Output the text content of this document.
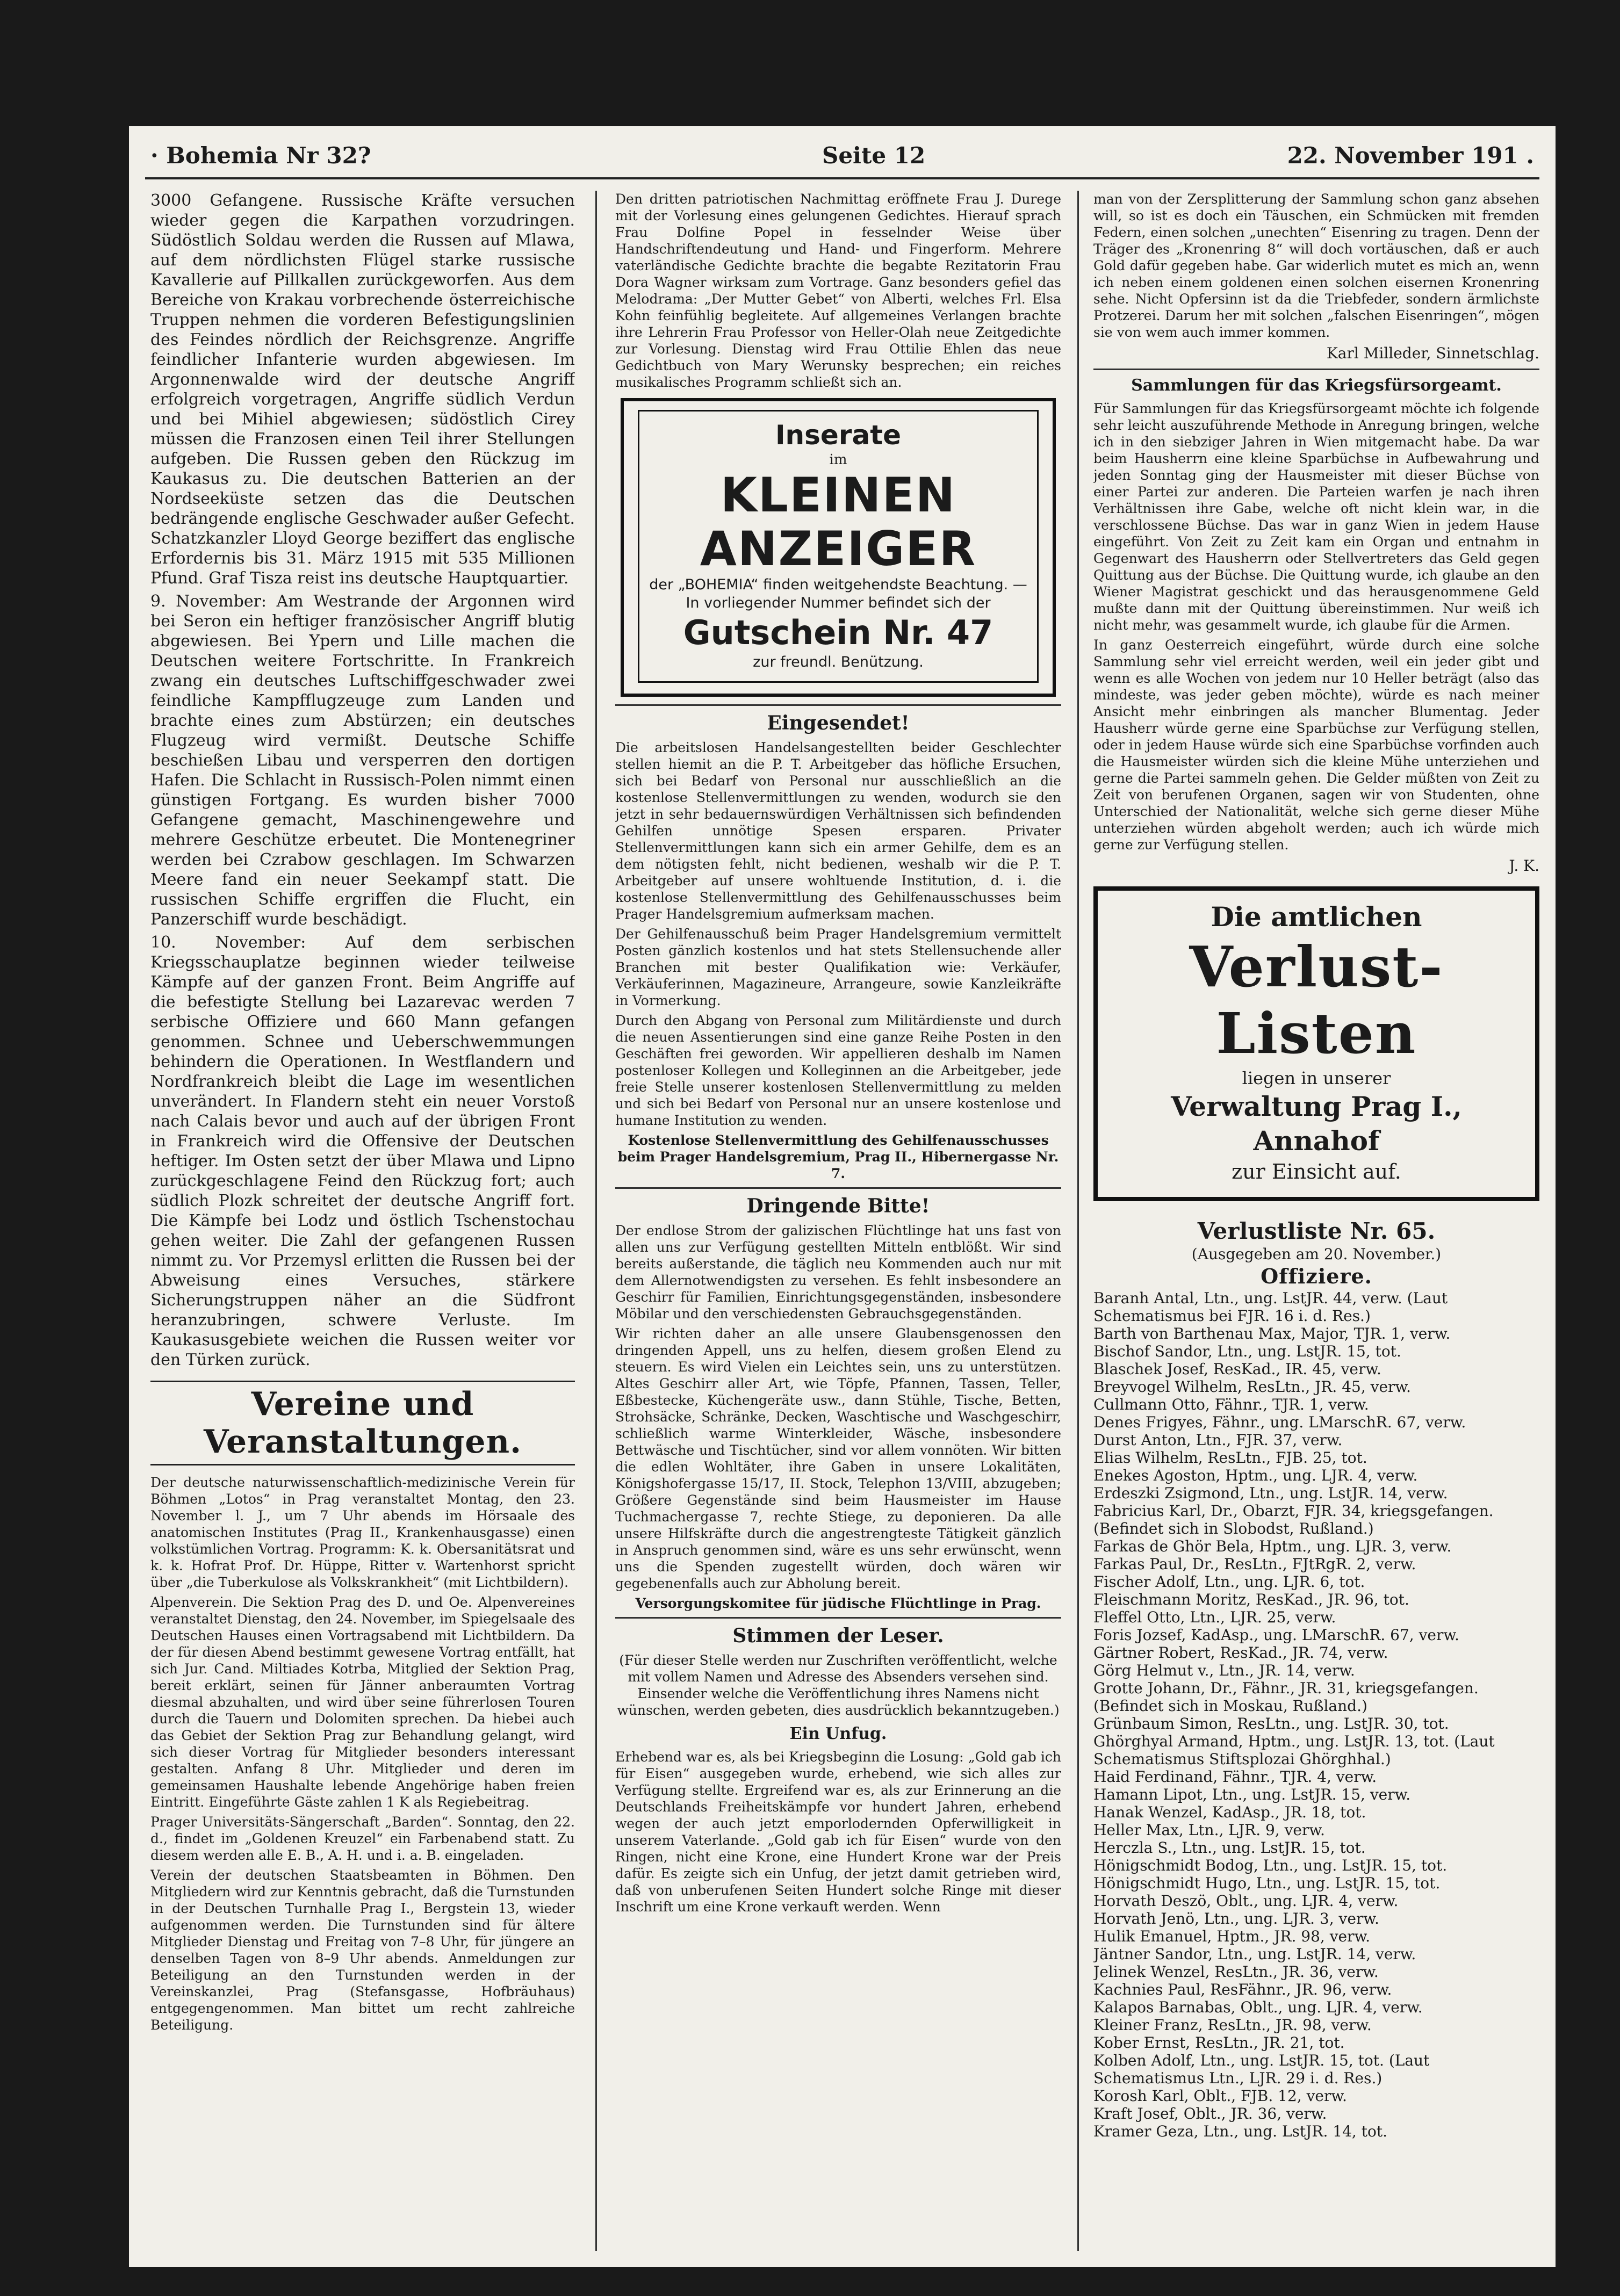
· Bohemia Nr 32?	Seite 12	22. November 191 .

3000 Gefangene. Russische Kräfte versuchen wieder gegen die Karpathen vorzudringen. Südöstlich Soldau werden die Russen auf Mlawa, auf dem nördlichsten Flügel starke russische Kavallerie auf Pillkallen zurückgeworfen. Aus dem Bereiche von Krakau vorbrechende österreichische Truppen nehmen die vorderen Befestigungslinien des Feindes nördlich der Reichsgrenze. Angriffe feindlicher Infanterie wurden abgewiesen. Im Argonnenwalde wird der deutsche Angriff erfolgreich vorgetragen, Angriffe südlich Verdun und bei Mihiel abgewiesen; südöstlich Cirey müssen die Franzosen einen Teil ihrer Stellungen aufgeben. Die Russen geben den Rückzug im Kaukasus zu. Die deutschen Batterien an der Nordseeküste setzen das die Deutschen bedrängende englische Geschwader außer Gefecht. Schatzkanzler Lloyd George beziffert das englische Erfordernis bis 31. März 1915 mit 535 Millionen Pfund. Graf Tisza reist ins deutsche Hauptquartier.

9. November: Am Westrande der Argonnen wird bei Seron ein heftiger französischer Angriff blutig abgewiesen. Bei Ypern und Lille machen die Deutschen weitere Fortschritte. In Frankreich zwang ein deutsches Luftschiffgeschwader zwei feindliche Kampfflugzeuge zum Landen und brachte eines zum Abstürzen; ein deutsches Flugzeug wird vermißt. Deutsche Schiffe beschießen Libau und versperren den dortigen Hafen. Die Schlacht in Russisch-Polen nimmt einen günstigen Fortgang. Es wurden bisher 7000 Gefangene gemacht, Maschinengewehre und mehrere Geschütze erbeutet. Die Montenegriner werden bei Czrabow geschlagen. Im Schwarzen Meere fand ein neuer Seekampf statt. Die russischen Schiffe ergriffen die Flucht, ein Panzerschiff wurde beschädigt.

10. November: Auf dem serbischen Kriegsschauplatze beginnen wieder teilweise Kämpfe auf der ganzen Front. Beim Angriffe auf die befestigte Stellung bei Lazarevac werden 7 serbische Offiziere und 660 Mann gefangen genommen. Schnee und Ueberschwemmungen behindern die Operationen. In Westflandern und Nordfrankreich bleibt die Lage im wesentlichen unverändert. In Flandern steht ein neuer Vorstoß nach Calais bevor und auch auf der übrigen Front in Frankreich wird die Offensive der Deutschen heftiger. Im Osten setzt der über Mlawa und Lipno zurückgeschlagene Feind den Rückzug fort; auch südlich Plozk schreitet der deutsche Angriff fort. Die Kämpfe bei Lodz und östlich Tschenstochau gehen weiter. Die Zahl der gefangenen Russen nimmt zu. Vor Przemysl erlitten die Russen bei der Abweisung eines Versuches, stärkere Sicherungstruppen näher an die Südfront heranzubringen, schwere Verluste. Im Kaukasusgebiete weichen die Russen weiter vor den Türken zurück.

Vereine und Veranstaltungen.

Der deutsche naturwissenschaftlich-medizinische Verein für Böhmen „Lotos“ in Prag veranstaltet Montag, den 23. November l. J., um 7 Uhr abends im Hörsaale des anatomischen Institutes (Prag II., Krankenhausgasse) einen volkstümlichen Vortrag. Programm: K. k. Obersanitätsrat und k. k. Hofrat Prof. Dr. Hüppe, Ritter v. Wartenhorst spricht über „die Tuberkulose als Volkskrankheit“ (mit Lichtbildern).

Alpenverein. Die Sektion Prag des D. und Oe. Alpenvereines veranstaltet Dienstag, den 24. November, im Spiegelsaale des Deutschen Hauses einen Vortragsabend mit Lichtbildern. Da der für diesen Abend bestimmt gewesene Vortrag entfällt, hat sich Jur. Cand. Miltiades Kotrba, Mitglied der Sektion Prag, bereit erklärt, seinen für Jänner anberaumten Vortrag diesmal abzuhalten, und wird über seine führerlosen Touren durch die Tauern und Dolomiten sprechen. Da hiebei auch das Gebiet der Sektion Prag zur Behandlung gelangt, wird sich dieser Vortrag für Mitglieder besonders interessant gestalten. Anfang 8 Uhr. Mitglieder und deren im gemeinsamen Haushalte lebende Angehörige haben freien Eintritt. Eingeführte Gäste zahlen 1 K als Regiebeitrag.

Prager Universitäts-Sängerschaft „Barden“. Sonntag, den 22. d., findet im „Goldenen Kreuzel“ ein Farbenabend statt. Zu diesem werden alle E. B., A. H. und i. a. B. eingeladen.

Verein der deutschen Staatsbeamten in Böhmen. Den Mitgliedern wird zur Kenntnis gebracht, daß die Turnstunden in der Deutschen Turnhalle Prag I., Bergstein 13, wieder aufgenommen werden. Die Turnstunden sind für ältere Mitglieder Dienstag und Freitag von 7–8 Uhr, für jüngere an denselben Tagen von 8–9 Uhr abends. Anmeldungen zur Beteiligung an den Turnstunden werden in der Vereinskanzlei, Prag (Stefansgasse, Hofbräuhaus) entgegengenommen. Man bittet um recht zahlreiche Beteiligung.

Den dritten patriotischen Nachmittag eröffnete Frau J. Durege mit der Vorlesung eines gelungenen Gedichtes. Hierauf sprach Frau Dolfine Popel in fesselnder Weise über Handschriftendeutung und Hand- und Fingerform. Mehrere vaterländische Gedichte brachte die begabte Rezitatorin Frau Dora Wagner wirksam zum Vortrage. Ganz besonders gefiel das Melodrama: „Der Mutter Gebet“ von Alberti, welches Frl. Elsa Kohn feinfühlig begleitete. Auf allgemeines Verlangen brachte ihre Lehrerin Frau Professor von Heller-Olah neue Zeitgedichte zur Vorlesung. Dienstag wird Frau Ottilie Ehlen das neue Gedichtbuch von Mary Werunsky besprechen; ein reiches musikalisches Programm schließt sich an.

Inserate
im
KLEINEN ANZEIGER
der „BOHEMIA“ finden weitgehendste Beachtung. — In vorliegender Nummer befindet sich der
Gutschein Nr. 47
zur freundl. Benützung.
Eingesendet!

Die arbeitslosen Handelsangestellten beider Geschlechter stellen hiemit an die P. T. Arbeitgeber das höfliche Ersuchen, sich bei Bedarf von Personal nur ausschließlich an die kostenlose Stellenvermittlungen zu wenden, wodurch sie den jetzt in sehr bedauernswürdigen Verhältnissen sich befindenden Gehilfen unnötige Spesen ersparen. Privater Stellenvermittlungen kann sich ein armer Gehilfe, dem es an dem nötigsten fehlt, nicht bedienen, weshalb wir die P. T. Arbeitgeber auf unsere wohltuende Institution, d. i. die kostenlose Stellenvermittlung des Gehilfenausschusses beim Prager Handelsgremium aufmerksam machen.

Der Gehilfenausschuß beim Prager Handelsgremium vermittelt Posten gänzlich kostenlos und hat stets Stellensuchende aller Branchen mit bester Qualifikation wie: Verkäufer, Verkäuferinnen, Magazineure, Arrangeure, sowie Kanzleikräfte in Vormerkung.

Durch den Abgang von Personal zum Militärdienste und durch die neuen Assentierungen sind eine ganze Reihe Posten in den Geschäften frei geworden. Wir appellieren deshalb im Namen postenloser Kollegen und Kolleginnen an die Arbeitgeber, jede freie Stelle unserer kostenlosen Stellenvermittlung zu melden und sich bei Bedarf von Personal nur an unsere kostenlose und humane Institution zu wenden.

Kostenlose Stellenvermittlung des Gehilfenausschusses beim Prager Handelsgremium, Prag II., Hibernergasse Nr. 7.

Dringende Bitte!

Der endlose Strom der galizischen Flüchtlinge hat uns fast von allen uns zur Verfügung gestellten Mitteln entblößt. Wir sind bereits außerstande, die täglich neu Kommenden auch nur mit dem Allernotwendigsten zu versehen. Es fehlt insbesondere an Geschirr für Familien, Einrichtungsgegenständen, insbesondere Möbilar und den verschiedensten Gebrauchsgegenständen.

Wir richten daher an alle unsere Glaubensgenossen den dringenden Appell, uns zu helfen, diesem großen Elend zu steuern. Es wird Vielen ein Leichtes sein, uns zu unterstützen. Altes Geschirr aller Art, wie Töpfe, Pfannen, Tassen, Teller, Eßbestecke, Küchengeräte usw., dann Stühle, Tische, Betten, Strohsäcke, Schränke, Decken, Waschtische und Waschgeschirr, schließlich warme Winterkleider, Wäsche, insbesondere Bettwäsche und Tischtücher, sind vor allem vonnöten. Wir bitten die edlen Wohltäter, ihre Gaben in unsere Lokalitäten, Königshofergasse 15/17, II. Stock, Telephon 13/VIII, abzugeben; Größere Gegenstände sind beim Hausmeister im Hause Tuchmachergasse 7, rechte Stiege, zu deponieren. Da alle unsere Hilfskräfte durch die angestrengteste Tätigkeit gänzlich in Anspruch genommen sind, wäre es uns sehr erwünscht, wenn uns die Spenden zugestellt würden, doch wären wir gegebenenfalls auch zur Abholung bereit.

Versorgungskomitee für jüdische Flüchtlinge in Prag.

Stimmen der Leser.

(Für dieser Stelle werden nur Zuschriften veröffentlicht, welche mit vollem Namen und Adresse des Absenders versehen sind. Einsender welche die Veröffentlichung ihres Namens nicht wünschen, werden gebeten, dies ausdrücklich bekanntzugeben.)

Ein Unfug.

Erhebend war es, als bei Kriegsbeginn die Losung: „Gold gab ich für Eisen“ ausgegeben wurde, erhebend, wie sich alles zur Verfügung stellte. Ergreifend war es, als zur Erinnerung an die Deutschlands Freiheitskämpfe vor hundert Jahren, erhebend wegen der auch jetzt emporlodernden Opferwilligkeit in unserem Vaterlande. „Gold gab ich für Eisen“ wurde von den Ringen, nicht eine Krone, eine Hundert Krone war der Preis dafür. Es zeigte sich ein Unfug, der jetzt damit getrieben wird, daß von unberufenen Seiten Hundert solche Ringe mit dieser Inschrift um eine Krone verkauft werden. Wenn

man von der Zersplitterung der Sammlung schon ganz absehen will, so ist es doch ein Täuschen, ein Schmücken mit fremden Federn, einen solchen „unechten“ Eisenring zu tragen. Denn der Träger des „Kronenring 8“ will doch vortäuschen, daß er auch Gold dafür gegeben habe. Gar widerlich mutet es mich an, wenn ich neben einem goldenen einen solchen eisernen Kronenring sehe. Nicht Opfersinn ist da die Triebfeder, sondern ärmlichste Protzerei. Darum her mit solchen „falschen Eisenringen“, mögen sie von wem auch immer kommen.

Karl Milleder, Sinnetschlag.
Sammlungen für das Kriegsfürsorgeamt.

Für Sammlungen für das Kriegsfürsorgeamt möchte ich folgende sehr leicht auszuführende Methode in Anregung bringen, welche ich in den siebziger Jahren in Wien mitgemacht habe. Da war beim Hausherrn eine kleine Sparbüchse in Aufbewahrung und jeden Sonntag ging der Hausmeister mit dieser Büchse von einer Partei zur anderen. Die Parteien warfen je nach ihren Verhältnissen ihre Gabe, welche oft nicht klein war, in die verschlossene Büchse. Das war in ganz Wien in jedem Hause eingeführt. Von Zeit zu Zeit kam ein Organ und entnahm in Gegenwart des Hausherrn oder Stellvertreters das Geld gegen Quittung aus der Büchse. Die Quittung wurde, ich glaube an den Wiener Magistrat geschickt und das herausgenommene Geld mußte dann mit der Quittung übereinstimmen. Nur weiß ich nicht mehr, was gesammelt wurde, ich glaube für die Armen.

In ganz Oesterreich eingeführt, würde durch eine solche Sammlung sehr viel erreicht werden, weil ein jeder gibt und wenn es alle Wochen von jedem nur 10 Heller beträgt (also das mindeste, was jeder geben möchte), würde es nach meiner Ansicht mehr einbringen als mancher Blumentag. Jeder Hausherr würde gerne eine Sparbüchse zur Verfügung stellen, oder in jedem Hause würde sich eine Sparbüchse vorfinden auch die Hausmeister würden sich die kleine Mühe unterziehen und gerne die Partei sammeln gehen. Die Gelder müßten von Zeit zu Zeit von berufenen Organen, sagen wir von Studenten, ohne Unterschied der Nationalität, welche sich gerne dieser Mühe unterziehen würden abgeholt werden; auch ich würde mich gerne zur Verfügung stellen.

J. K.
Die amtlichen
Verlust-Listen
liegen in unserer
Verwaltung Prag I., Annahof
zur Einsicht auf.
Verlustliste Nr. 65.
(Ausgegeben am 20. November.)
Offiziere.
Baranh Antal, Ltn., ung. LstJR. 44, verw. (Laut Schematismus bei FJR. 16 i. d. Res.)
Barth von Barthenau Max, Major, TJR. 1, verw.
Bischof Sandor, Ltn., ung. LstJR. 15, tot.
Blaschek Josef, ResKad., IR. 45, verw.
Breyvogel Wilhelm, ResLtn., JR. 45, verw.
Cullmann Otto, Fähnr., TJR. 1, verw.
Denes Frigyes, Fähnr., ung. LMarschR. 67, verw.
Durst Anton, Ltn., FJR. 37, verw.
Elias Wilhelm, ResLtn., FJB. 25, tot.
Enekes Agoston, Hptm., ung. LJR. 4, verw.
Erdeszki Zsigmond, Ltn., ung. LstJR. 14, verw.
Fabricius Karl, Dr., Obarzt, FJR. 34, kriegsgefangen. (Befindet sich in Slobodst, Rußland.)
Farkas de Ghör Bela, Hptm., ung. LJR. 3, verw.
Farkas Paul, Dr., ResLtn., FJtRgR. 2, verw.
Fischer Adolf, Ltn., ung. LJR. 6, tot.
Fleischmann Moritz, ResKad., JR. 96, tot.
Fleffel Otto, Ltn., LJR. 25, verw.
Foris Jozsef, KadAsp., ung. LMarschR. 67, verw.
Gärtner Robert, ResKad., JR. 74, verw.
Görg Helmut v., Ltn., JR. 14, verw.
Grotte Johann, Dr., Fähnr., JR. 31, kriegsgefangen. (Befindet sich in Moskau, Rußland.)
Grünbaum Simon, ResLtn., ung. LstJR. 30, tot.
Ghörghyal Armand, Hptm., ung. LstJR. 13, tot. (Laut Schematismus Stiftsplozai Ghörghhal.)
Haid Ferdinand, Fähnr., TJR. 4, verw.
Hamann Lipot, Ltn., ung. LstJR. 15, verw.
Hanak Wenzel, KadAsp., JR. 18, tot.
Heller Max, Ltn., LJR. 9, verw.
Herczla S., Ltn., ung. LstJR. 15, tot.
Hönigschmidt Bodog, Ltn., ung. LstJR. 15, tot.
Hönigschmidt Hugo, Ltn., ung. LstJR. 15, tot.
Horvath Deszö, Oblt., ung. LJR. 4, verw.
Horvath Jenö, Ltn., ung. LJR. 3, verw.
Hulik Emanuel, Hptm., JR. 98, verw.
Jäntner Sandor, Ltn., ung. LstJR. 14, verw.
Jelinek Wenzel, ResLtn., JR. 36, verw.
Kachnies Paul, ResFähnr., JR. 96, verw.
Kalapos Barnabas, Oblt., ung. LJR. 4, verw.
Kleiner Franz, ResLtn., JR. 98, verw.
Kober Ernst, ResLtn., JR. 21, tot.
Kolben Adolf, Ltn., ung. LstJR. 15, tot. (Laut Schematismus Ltn., LJR. 29 i. d. Res.)
Korosh Karl, Oblt., FJB. 12, verw.
Kraft Josef, Oblt., JR. 36, verw.
Kramer Geza, Ltn., ung. LstJR. 14, tot.
